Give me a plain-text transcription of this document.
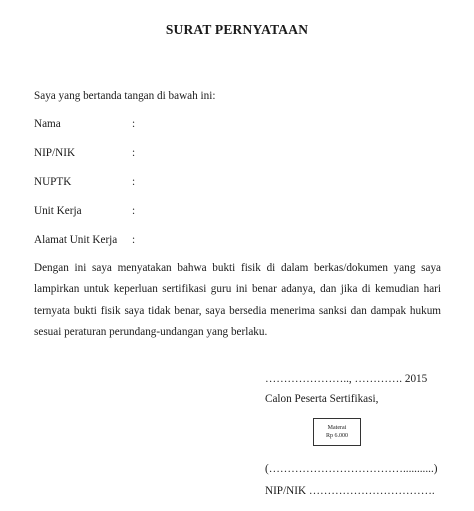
SURAT PERNYATAAN
Saya yang bertanda tangan di bawah ini:
Nama	:
NIP/NIK	:
NUPTK	:
Unit Kerja	:
Alamat Unit Kerja :
Dengan ini saya menyatakan bahwa bukti fisik di dalam berkas/dokumen yang saya
lampirkan untuk keperluan sertifikasi guru ini benar adanya, dan jika di kemudian hari
ternyata bukti fisik saya tidak benar, saya bersedia menerima sanksi dan dampak hukum
sesuai peraturan perundang-undangan yang berlaku.
………………….., …………. 2015
Calon Peserta Sertifikasi,
Materai
Rp 6.000
(………………………………...........)
NIP/NIK …………………………….
